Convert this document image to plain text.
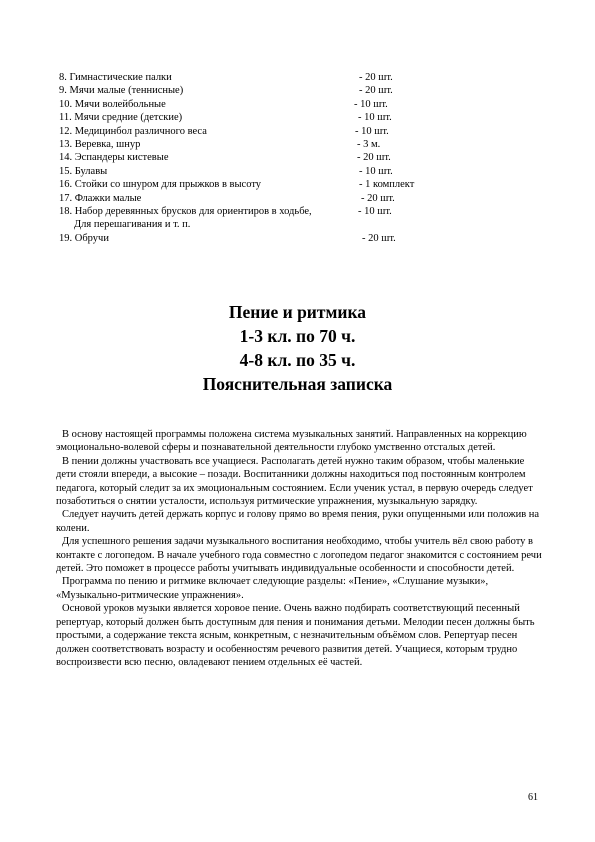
8. Гимнастические палки	- 20 шт.
9. Мячи малые (теннисные)	- 20 шт.
10. Мячи волейбольные	- 10 шт.
11. Мячи средние (детские)	- 10 шт.
12. Медицинбол различного веса	- 10 шт.
13. Веревка, шнур	- 3 м.
14. Эспандеры кистевые	- 20 шт.
15. Булавы	- 10 шт.
16. Стойки со шнуром для прыжков в высоту	- 1 комплект
17. Флажки малые	- 20 шт.
18. Набор деревянных брусков для ориентиров в ходьбе,	- 10 шт.
Для перешагивания и т. п.
19. Обручи	- 20 шт.
Пение и ритмика
1-3 кл. по 70 ч.
4-8 кл. по 35 ч.
Пояснительная записка

В основу настоящей программы положена система музыкальных занятий. Направленных на коррекцию эмоционально-волевой сферы и познавательной деятельности глубоко умственно отсталых детей.

В пении должны участвовать все учащиеся. Располагать детей нужно таким образом, чтобы маленькие дети стояли впереди, а высокие – позади. Воспитанники должны находиться под постоянным контролем педагога, который следит за их эмоциональным состоянием. Если ученик устал, в первую очередь следует позаботиться о снятии усталости, используя ритмические упражнения, музыкальную зарядку.

Следует научить детей держать корпус и голову прямо во время пения, руки опущенными или положив на колени.

Для успешного решения задачи музыкального воспитания необходимо, чтобы учитель вёл свою работу в контакте с логопедом. В начале учебного года совместно с логопедом педагог знакомится с состоянием речи детей. Это поможет в процессе работы учитывать индивидуальные особенности и способности детей.

Программа по пению и ритмике включает следующие разделы: «Пение», «Слушание музыки», «Музыкально-ритмические упражнения».

Основой уроков музыки является хоровое пение. Очень важно подбирать соответствующий песенный репертуар, который должен быть доступным для пения и понимания детьми. Мелодии песен должны быть простыми, а содержание текста ясным, конкретным, с незначительным объёмом слов. Репертуар песен должен соответствовать возрасту и особенностям речевого развития детей. Учащиеся, которым трудно воспроизвести всю песню, овладевают пением отдельных её частей.

61
